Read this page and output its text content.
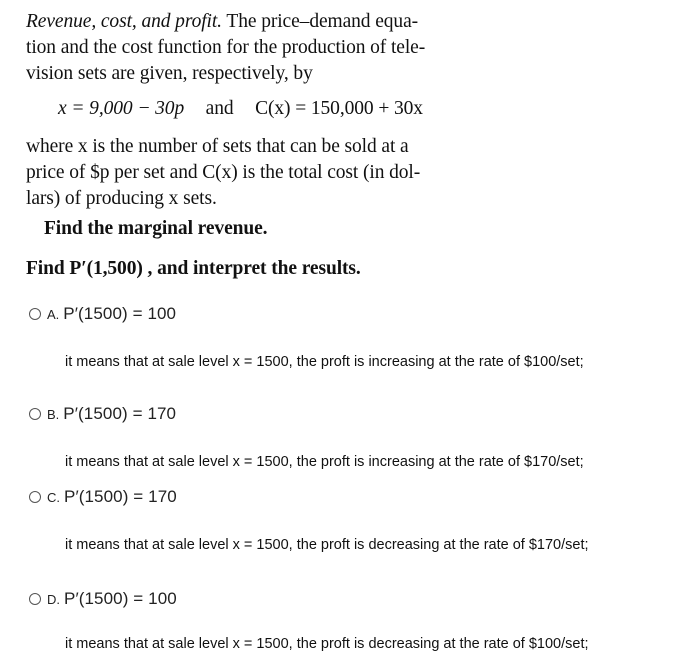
Revenue, cost, and profit. The price–demand equa-
tion and the cost function for the production of tele-
vision sets are given, respectively, by
x = 9,000 − 30p and C(x) = 150,000 + 30x
where x is the number of sets that can be sold at a
price of $p per set and C(x) is the total cost (in dol-
lars) of producing x sets.
Find the marginal revenue.
Find P′(1,500) , and interpret the results.
A. P′(1500) = 100
it means that at sale level x = 1500, the proft is increasing at the rate of $100/set;
B. P′(1500) = 170
it means that at sale level x = 1500, the proft is increasing at the rate of $170/set;
C. P′(1500) = 170
it means that at sale level x = 1500, the proft is decreasing at the rate of $170/set;
D. P′(1500) = 100
it means that at sale level x = 1500, the proft is decreasing at the rate of $100/set;
